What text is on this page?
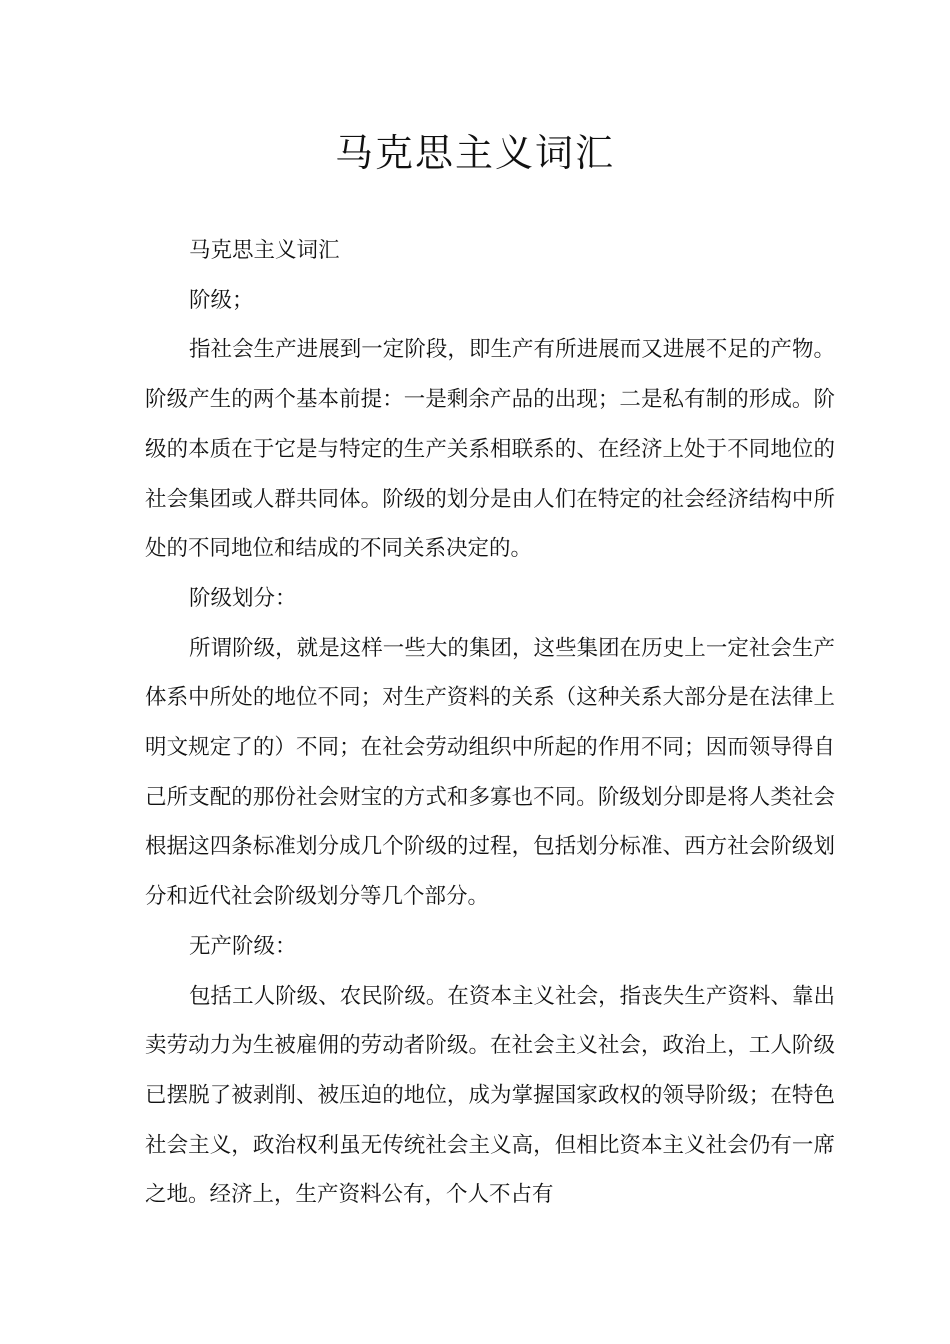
马克思主义词汇

马克思主义词汇

阶级；

指社会生产进展到一定阶段，即生产有所进展而又进展不足的产物。阶级产生的两个基本前提：一是剩余产品的出现；二是私有制的形成。阶级的本质在于它是与特定的生产关系相联系的、在经济上处于不同地位的社会集团或人群共同体。阶级的划分是由人们在特定的社会经济结构中所处的不同地位和结成的不同关系决定的。

阶级划分：

所谓阶级，就是这样一些大的集团，这些集团在历史上一定社会生产体系中所处的地位不同；对生产资料的关系（这种关系大部分是在法律上明文规定了的）不同；在社会劳动组织中所起的作用不同；因而领导得自己所支配的那份社会财宝的方式和多寡也不同。阶级划分即是将人类社会根据这四条标准划分成几个阶级的过程，包括划分标准、西方社会阶级划分和近代社会阶级划分等几个部分。

无产阶级：

包括工人阶级、农民阶级。在资本主义社会，指丧失生产资料、靠出卖劳动力为生被雇佣的劳动者阶级。在社会主义社会，政治上，工人阶级已摆脱了被剥削、被压迫的地位，成为掌握国家政权的领导阶级；在特色社会主义，政治权利虽无传统社会主义高，但相比资本主义社会仍有一席之地。经济上，生产资料公有，个人不占有
